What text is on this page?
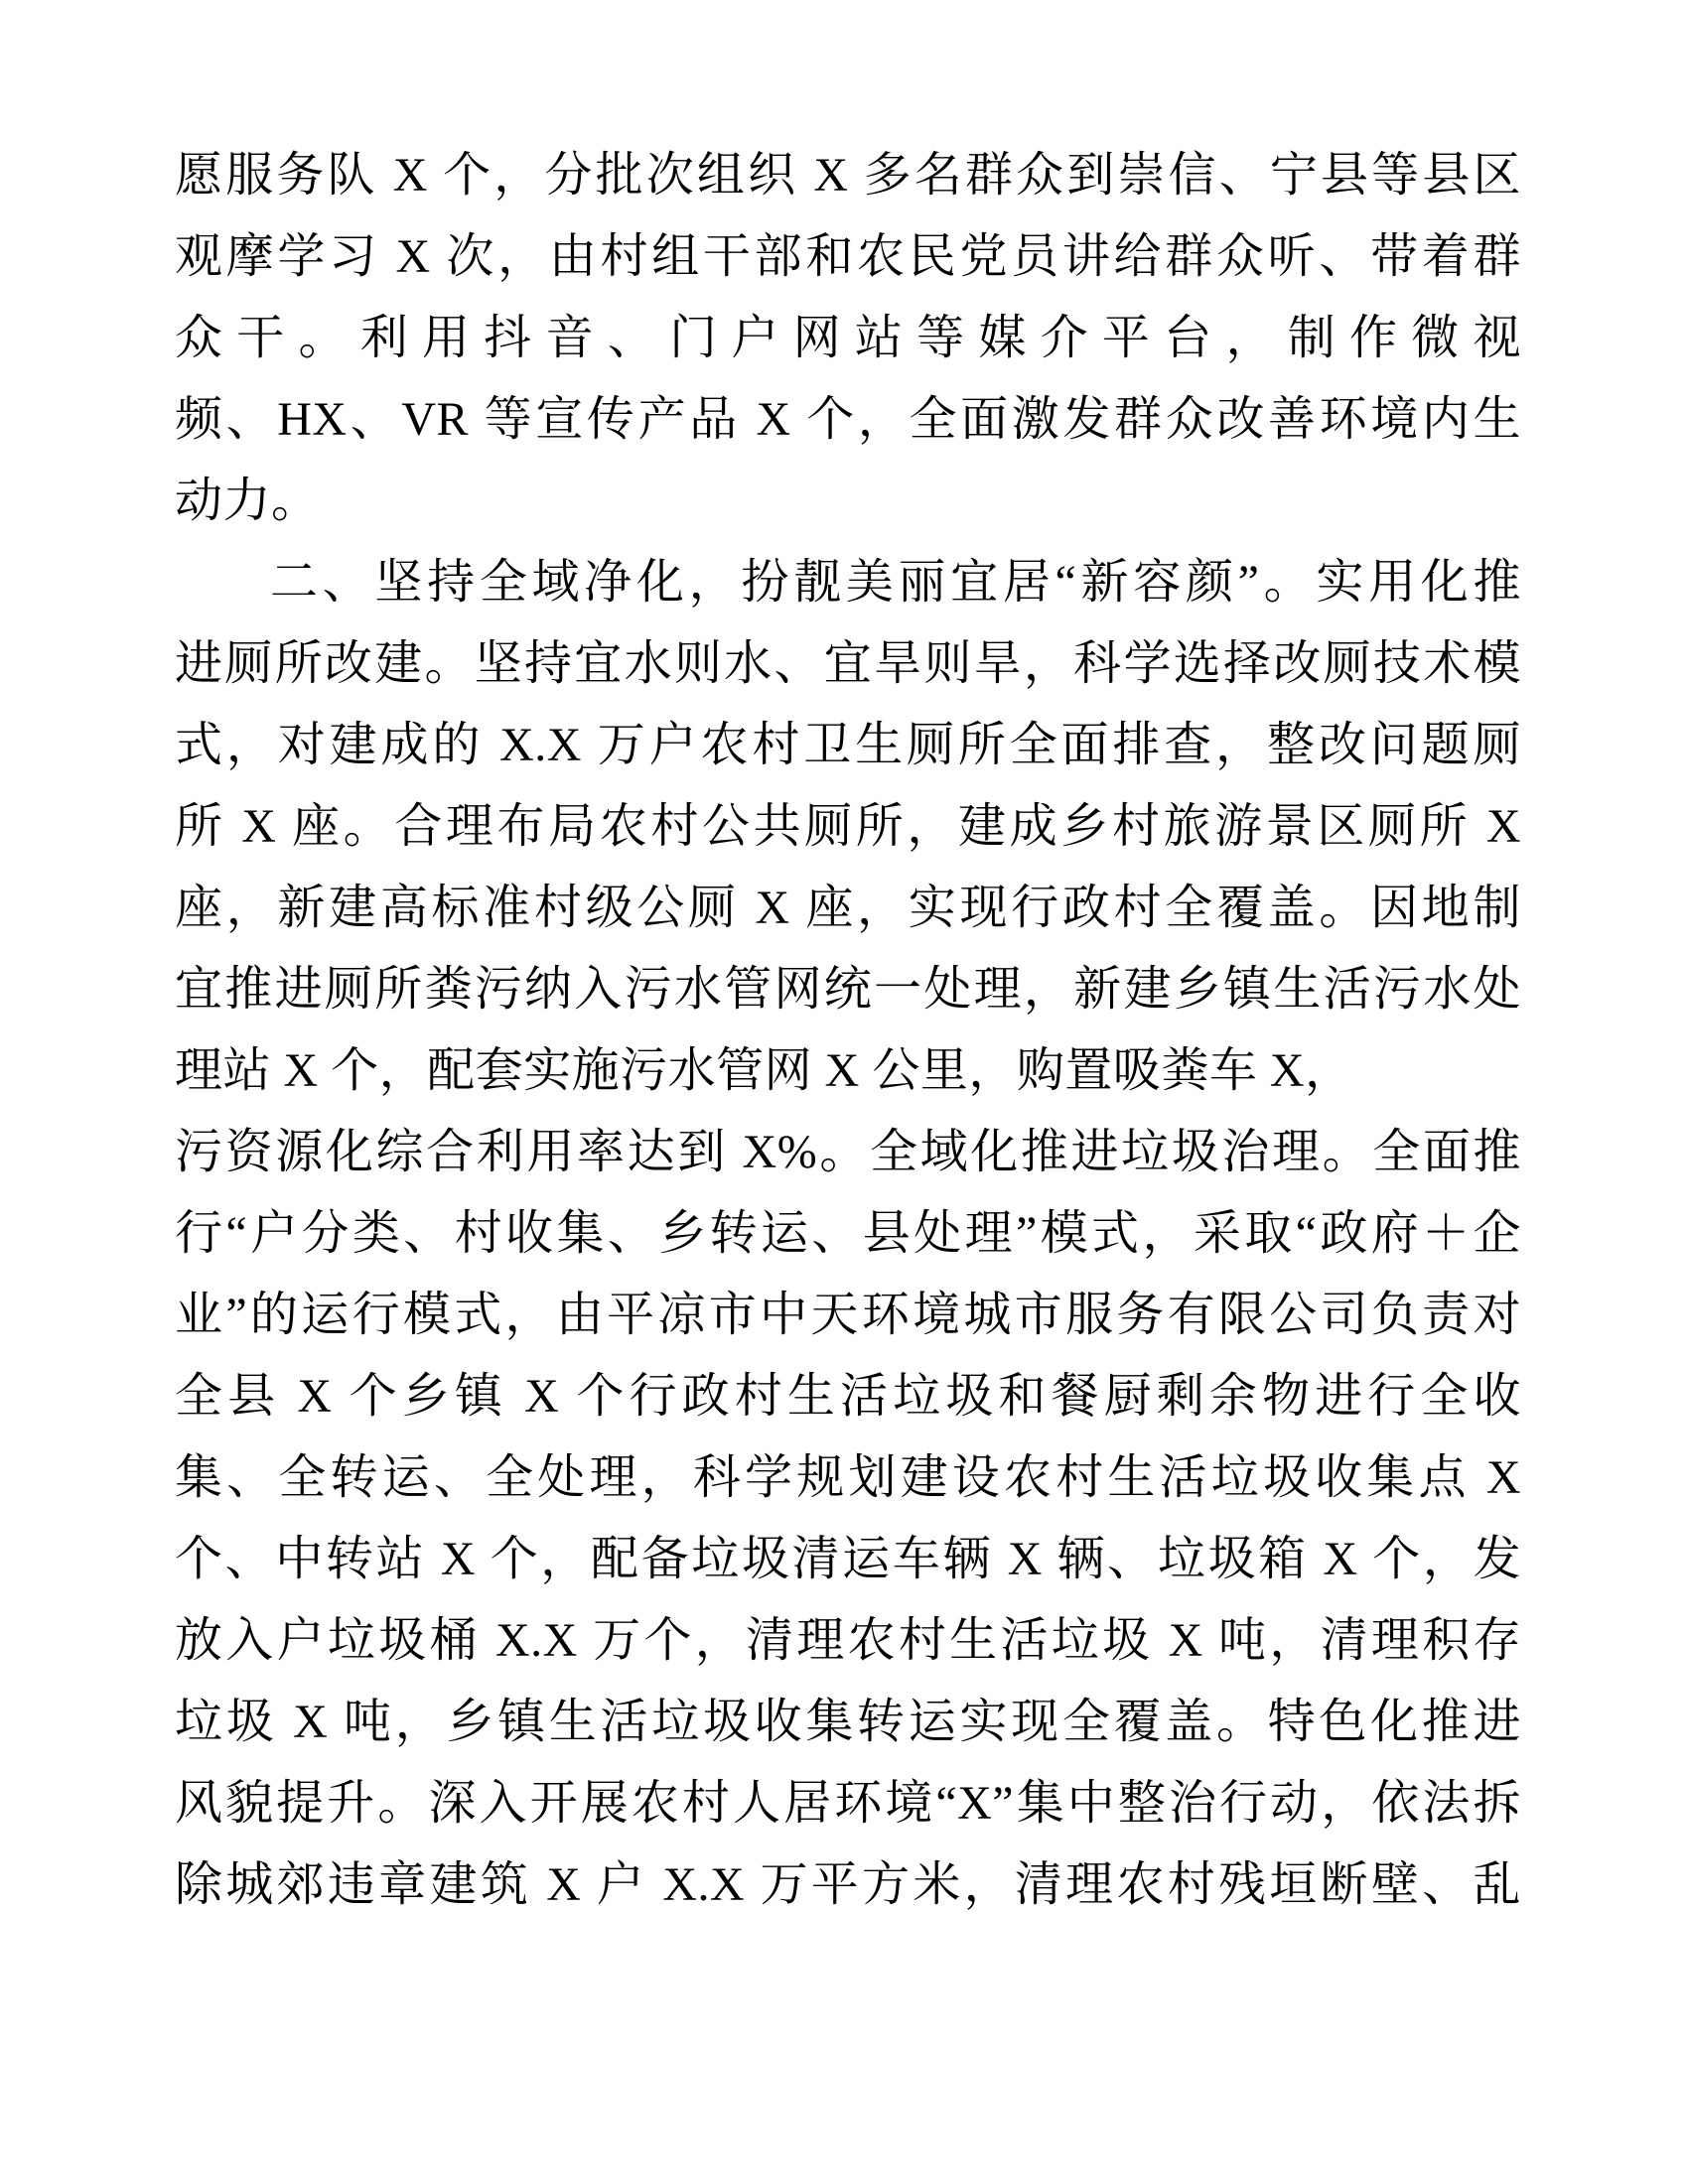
愿服务队 X 个，分批次组织 X 多名群众到崇信、宁县等县区
观摩学习 X 次，由村组干部和农民党员讲给群众听、带着群
众干。利用抖音、门户网站等媒介平台，制作微视
频、HX、VR 等宣传产品 X 个，全面激发群众改善环境内生
动力。
二、坚持全域净化，扮靓美丽宜居“新容颜”。实用化推
进厕所改建。坚持宜水则水、宜旱则旱，科学选择改厕技术模
式，对建成的 X.X 万户农村卫生厕所全面排查，整改问题厕
所 X 座。合理布局农村公共厕所，建成乡村旅游景区厕所 X
座，新建高标准村级公厕 X 座，实现行政村全覆盖。因地制
宜推进厕所粪污纳入污水管网统一处理，新建乡镇生活污水处
理站 X 个，配套实施污水管网 X 公里，购置吸粪车 X，
污资源化综合利用率达到 X%。全域化推进垃圾治理。全面推
行“户分类、村收集、乡转运、县处理”模式，采取“政府＋企
业”的运行模式，由平凉市中天环境城市服务有限公司负责对
全县 X 个乡镇 X 个行政村生活垃圾和餐厨剩余物进行全收
集、全转运、全处理，科学规划建设农村生活垃圾收集点 X
个、中转站 X 个，配备垃圾清运车辆 X 辆、垃圾箱 X 个，发
放入户垃圾桶 X.X 万个，清理农村生活垃圾 X 吨，清理积存
垃圾 X 吨，乡镇生活垃圾收集转运实现全覆盖。特色化推进
风貌提升。深入开展农村人居环境“X”集中整治行动，依法拆
除城郊违章建筑 X 户 X.X 万平方米，清理农村残垣断壁、乱
